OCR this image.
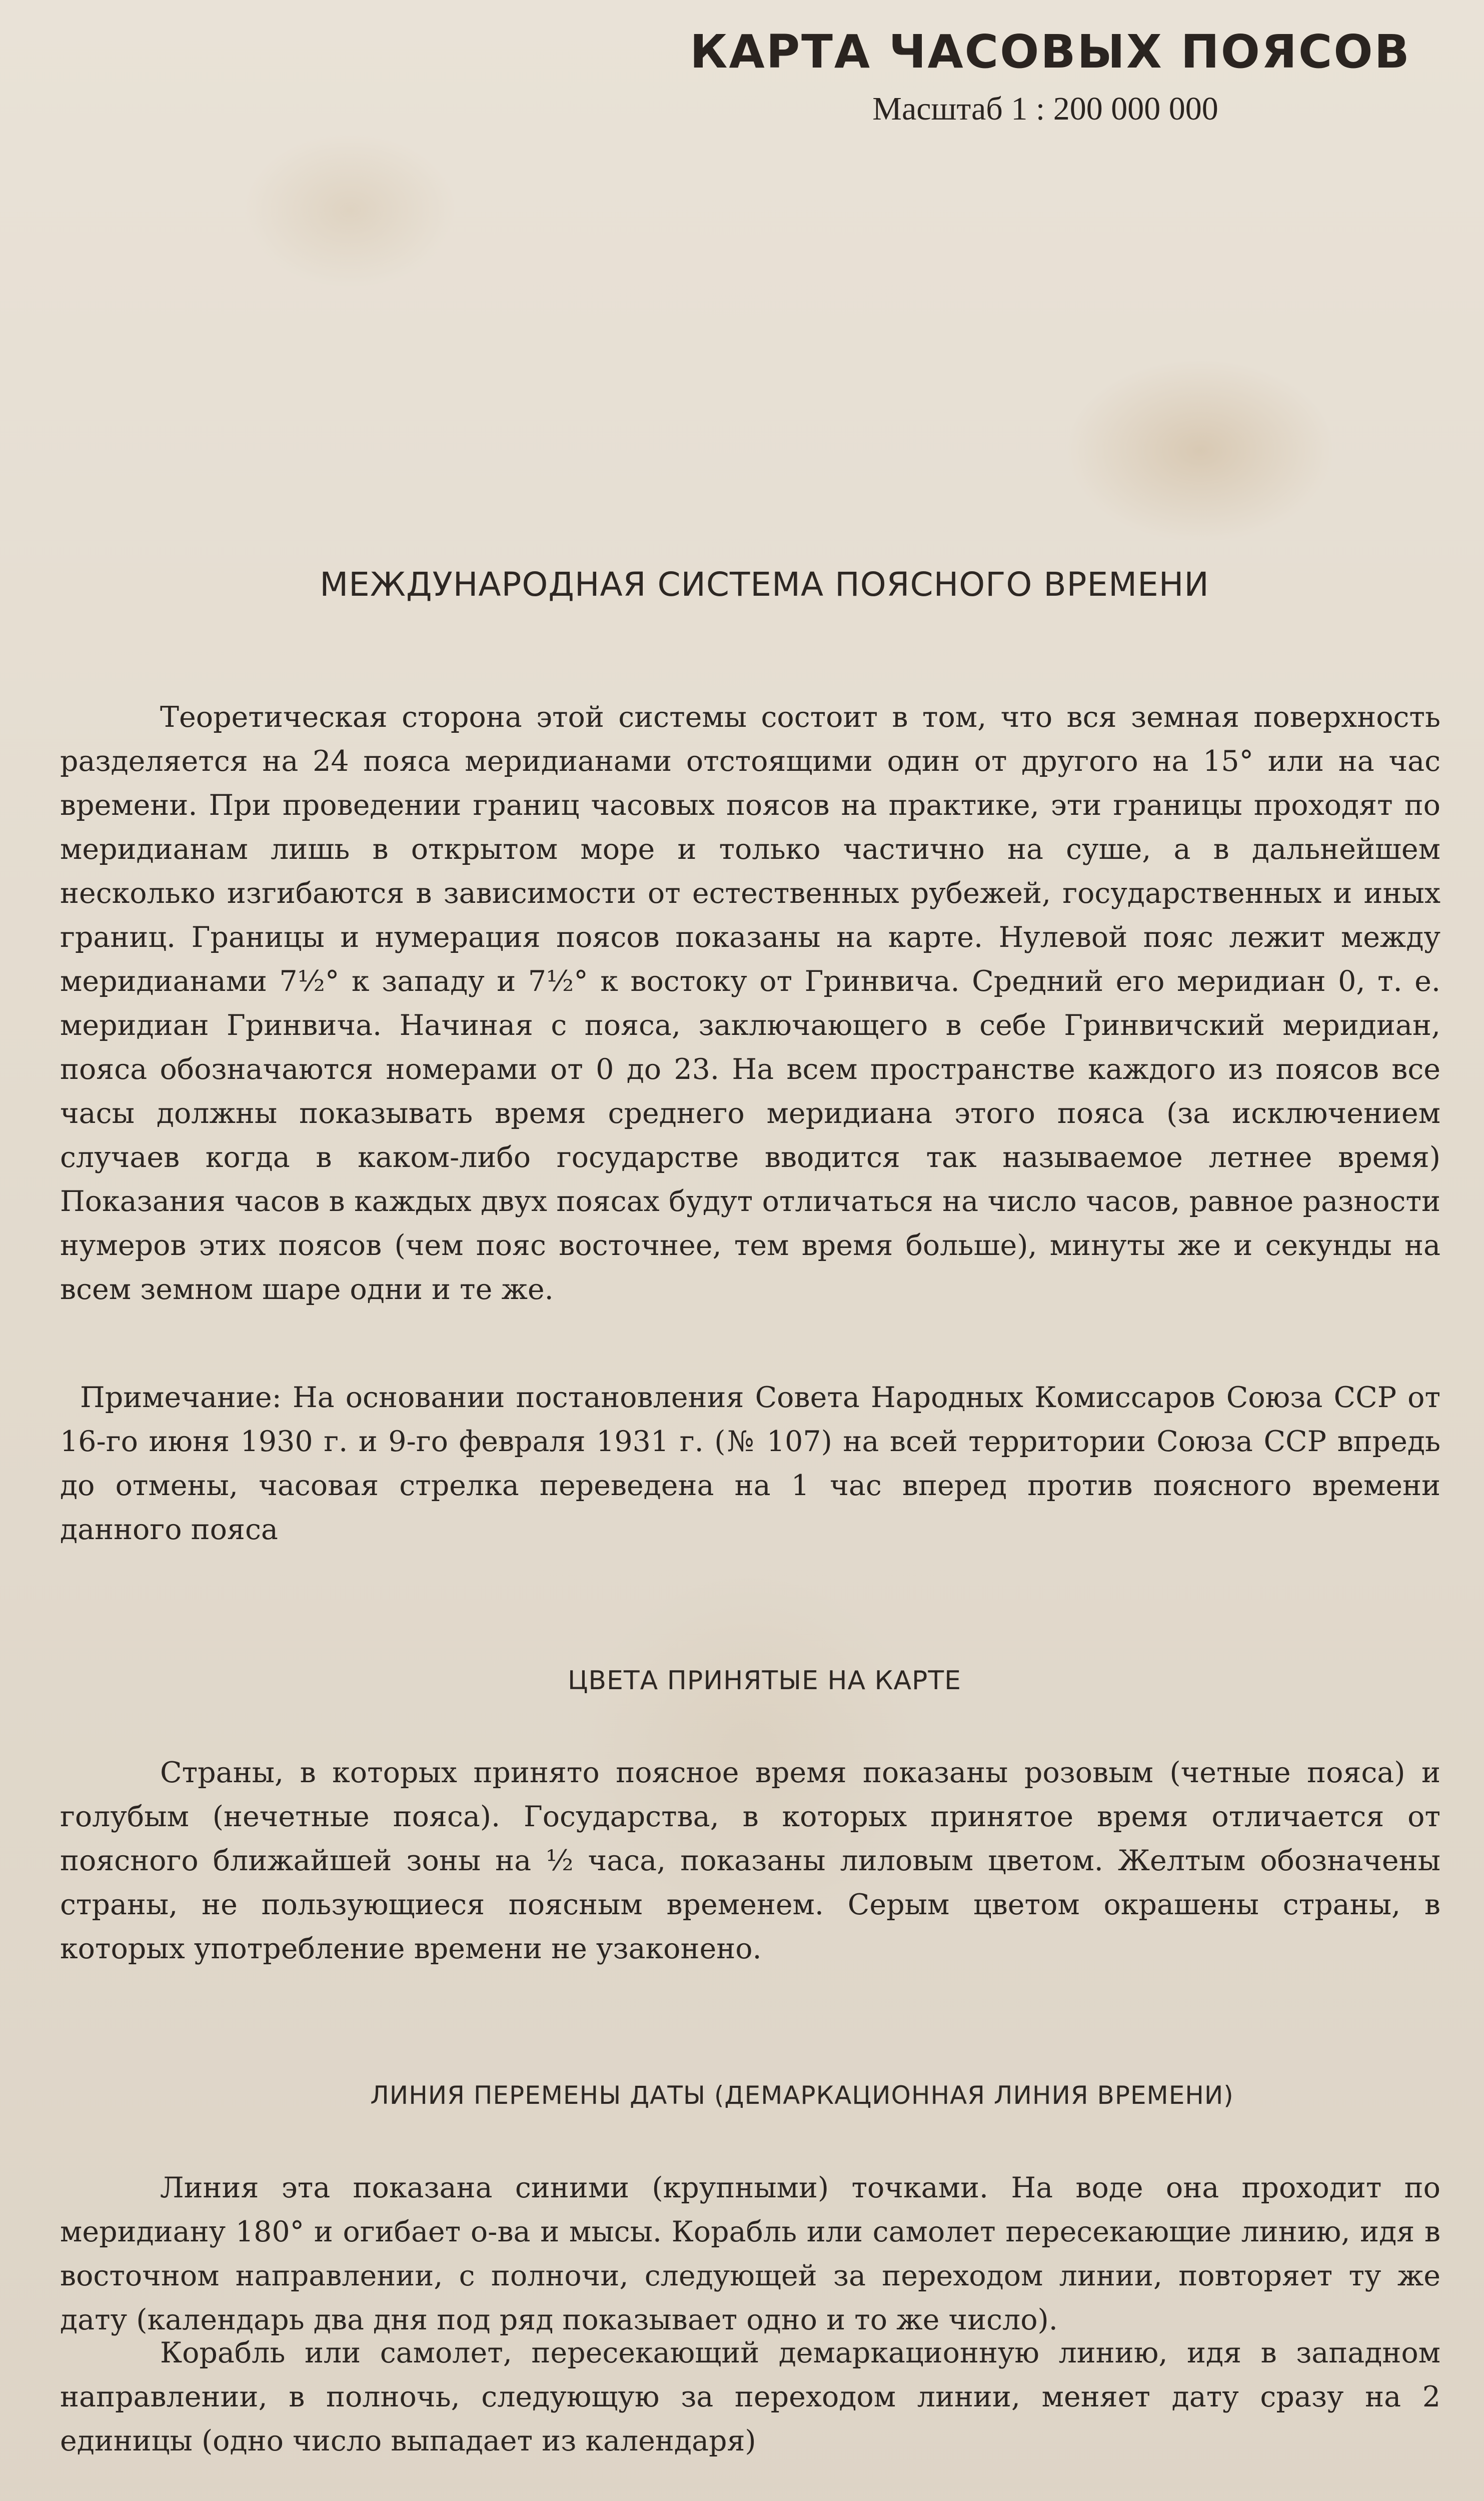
КАРТА ЧАСОВЫХ ПОЯСОВ
Масштаб 1 : 200 000 000
МЕЖДУНАРОДНАЯ СИСТЕМА ПОЯСНОГО ВРЕМЕНИ

Теоретическая сторона этой системы состоит в том, что вся земная поверхность разделяется на 24 пояса меридианами отстоящими один от другого на 15° или на час времени. При проведении границ часовых поясов на практике, эти границы проходят по меридианам лишь в открытом море и только частично на суше, а в дальнейшем несколько изгибаются в зависимости от естественных рубежей, государственных и иных границ. Границы и нумерация поясов показаны на карте. Нулевой пояс лежит между меридианами 7½° к западу и 7½° к востоку от Гринвича. Средний его меридиан 0, т. е. меридиан Гринвича. Начиная с пояса, заключающего в себе Гринвичский меридиан, пояса обозначаются номерами от 0 до 23. На всем пространстве каждого из поясов все часы должны показывать время среднего меридиана этого пояса (за исключением случаев когда в каком-либо государстве вводится так называемое летнее время) Показания часов в каждых двух поясах будут отличаться на число часов, равное разности нумеров этих поясов (чем пояс восточнее, тем время больше), минуты же и секунды на всем земном шаре одни и те же.

Примечание: На основании постановления Совета Народных Комиссаров Союза ССР от 16-го июня 1930 г. и 9-го февраля 1931 г. (№ 107) на всей территории Союза ССР впредь до отмены, часовая стрелка переведена на 1 час вперед против поясного времени данного пояса

ЦВЕТА ПРИНЯТЫЕ НА КАРТЕ

Страны, в которых принято поясное время показаны розовым (четные пояса) и голубым (нечетные пояса). Государства, в которых принятое время отличается от поясного ближайшей зоны на ½ часа, показаны лиловым цветом. Желтым обозначены страны, не пользующиеся поясным временем. Серым цветом окрашены страны, в которых употребление времени не узаконено.

ЛИНИЯ ПЕРЕМЕНЫ ДАТЫ (ДЕМАРКАЦИОННАЯ ЛИНИЯ ВРЕМЕНИ)

Линия эта показана синими (крупными) точками. На воде она проходит по меридиану 180° и огибает о-ва и мысы. Корабль или самолет пересекающие линию, идя в восточном направлении, с полночи, следующей за переходом линии, повторяет ту же дату (календарь два дня под ряд показывает одно и то же число).

Корабль или самолет, пересекающий демаркационную линию, идя в западном направлении, в полночь, следующую за переходом линии, меняет дату сразу на 2 единицы (одно число выпадает из календаря)
